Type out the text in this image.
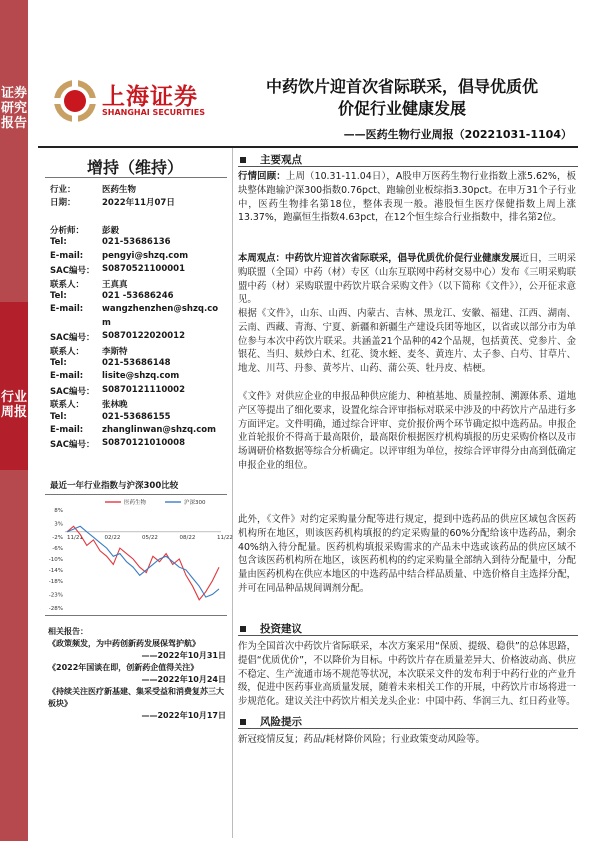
证券研究报告
行业周报
上海证券
SHANGHAI SECURITIES
中药饮片迎首次省际联采，倡导优质优
价促行业健康发展
——医药生物行业周报（20221031-1104）
增持（维持）
行业：	医药生物
日期：	2022年11月07日
分析师： 彭毅
Tel:	021-53686136
E-mail: pengyi@shzq.com
SAC编号： S0870521100001
联系人： 王真真
Tel:	021 -53686246
E-mail: wangzhenzhen@shzq.co
m
SAC编号： S0870122020012
联系人： 李斯特
Tel:	021-53686148
E-mail: lisite@shzq.com
SAC编号： S0870121110002
联系人： 张林晚
Tel:	021-53686155
E-mail: zhanglinwan@shzq.com
SAC编号： S0870121010008
最近一年行业指数与沪深300比较
8%
3%
-2%
-6%
-10%
-14%
-18%
-23%
-28%
11/21	02/22	05/22	08/22	11/22
医药生物	沪深300
相关报告：
《政策频发，为中药创新药发展保驾护航》
——2022年10月31日
《2022年国谈在即，创新药企值得关注》
——2022年10月24日
《持续关注医疗新基建、集采受益和消费复苏三大板块》
——2022年10月17日
主要观点
行情回顾：上周（10.31-11.04日），A股申万医药生物行业指数上涨5.62%，板块整体跑输沪深300指数0.76pct、跑输创业板综指3.30pct。在申万31个子行业中，医药生物排名第18位，整体表现一般。港股恒生医疗保健指数上周上涨13.37%，跑赢恒生指数4.63pct，在12个恒生综合行业指数中，排名第2位。
本周观点：中药饮片迎首次省际联采，倡导优质优价促行业健康发展近日，三明采购联盟（全国）中药（材）专区（山东互联网中药材交易中心）发布《三明采购联盟中药（材）采购联盟中药饮片联合采购文件》（以下简称《文件》），公开征求意见。
根据《文件》，山东、山西、内蒙古、吉林、黑龙江、安徽、福建、江西、湖南、云南、西藏、青海、宁夏、新疆和新疆生产建设兵团等地区，以省或以部分市为单位参与本次中药饮片联采。共涵盖21个品种的42个品规，包括黄芪、党参片、金银花、当归、麸炒白术、红花、烫水蛭、麦冬、黄连片、太子参、白芍、甘草片、地龙、川芎、丹参、黄芩片、山药、蒲公英、牡丹皮、桔梗。
《文件》对供应企业的申报品种供应能力、种植基地、质量控制、溯源体系、道地产区等提出了细化要求，设置化综合评审指标对联采中涉及的中药饮片产品进行多方面评定。文件明确，通过综合评审、竞价报价两个环节确定拟中选药品。申报企业首轮报价不得高于最高限价，最高限价根据医疗机构填报的历史采购价格以及市场调研价格数据等综合分析确定。以评审组为单位，按综合评审得分由高到低确定申报企业的组位。
此外，《文件》对约定采购量分配等进行规定，提到中选药品的供应区域包含医药机构所在地区，则该医药机构填报的约定采购量的60%分配给该中选药品，剩余40%纳入待分配量。医药机构填报采购需求的产品未中选或该药品的供应区域不包含该医药机构所在地区，该医药机构的约定采购量全部纳入到待分配量中，分配量由医药机构在供应本地区的中选药品中结合样品质量、中选价格自主选择分配，并可在同品种品规间调剂分配。
投资建议
作为全国首次中药饮片省际联采，本次方案采用“保质、提级、稳供”的总体思路，提倡“优质优价”，不以降价为目标。中药饮片存在质量差异大、价格波动高、供应不稳定、生产流通市场不规范等状况，本次联采文件的发布利于中药行业的产业升级，促进中医药事业高质量发展，随着未来相关工作的开展，中药饮片市场将进一步规范化。建议关注中药饮片相关龙头企业：中国中药、华润三九、红日药业等。
风险提示
新冠疫情反复；药品/耗材降价风险；行业政策变动风险等。
